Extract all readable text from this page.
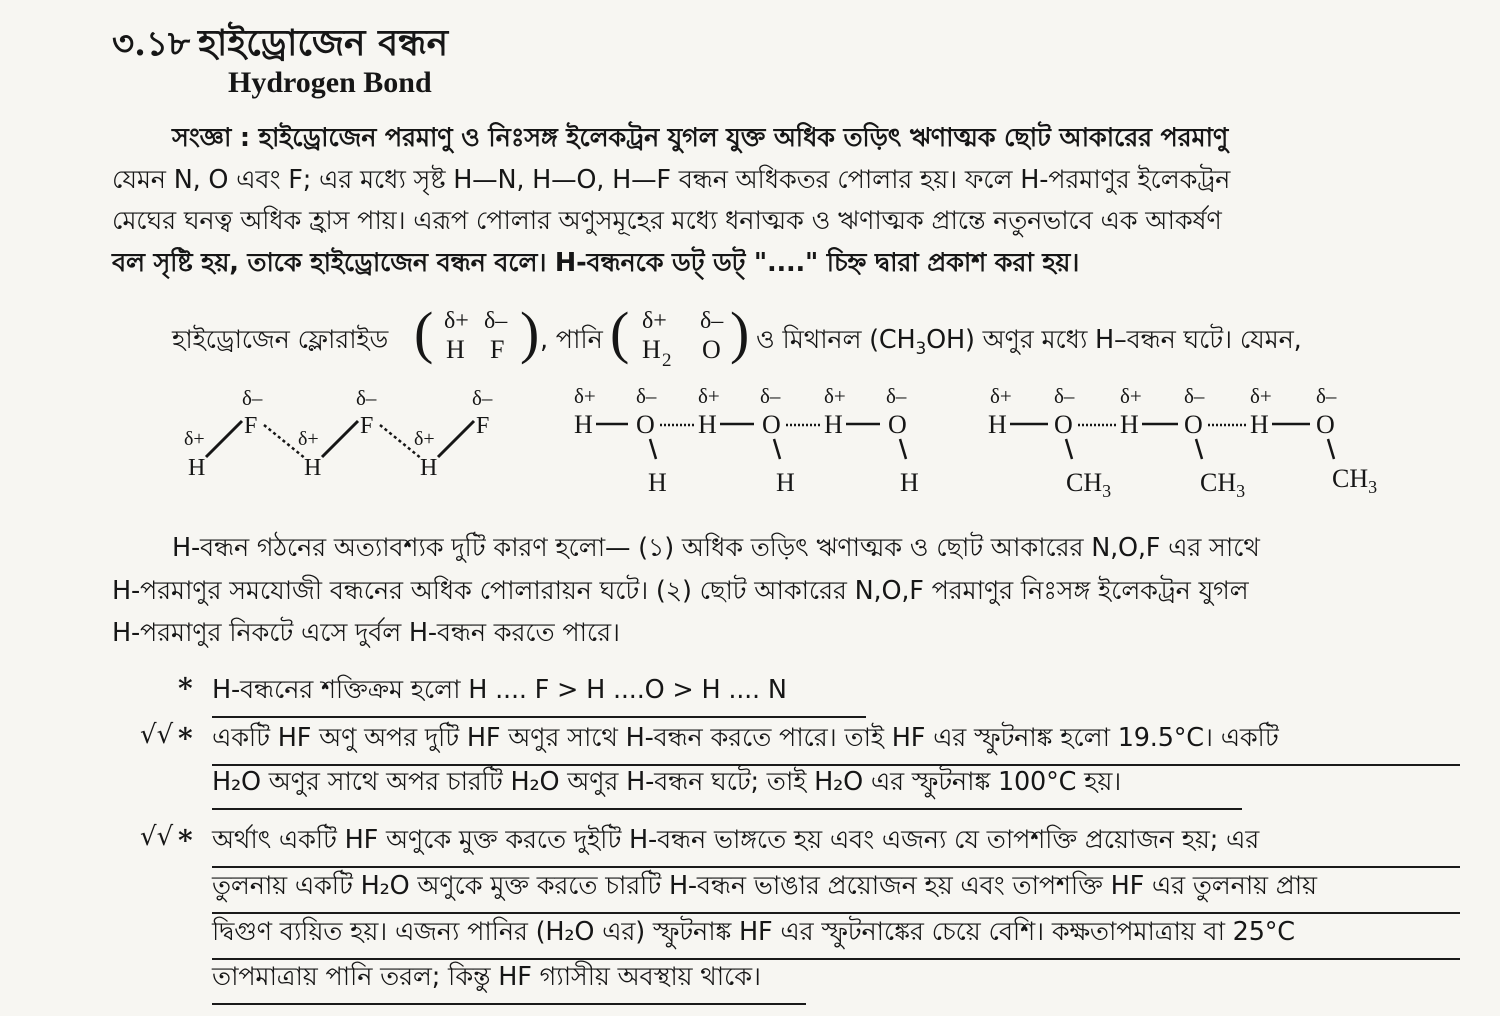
৩.১৮ হাইড্রোজেন বন্ধন
Hydrogen Bond
সংজ্ঞা : হাইড্রোজেন পরমাণু ও নিঃসঙ্গ ইলেকট্রন যুগল যুক্ত অধিক তড়িৎ ঋণাত্মক ছোট আকারের পরমাণু
যেমন N, O এবং F; এর মধ্যে সৃষ্ট H—N, H—O, H—F বন্ধন অধিকতর পোলার হয়। ফলে H-পরমাণুর ইলেকট্রন
মেঘের ঘনত্ব অধিক হ্রাস পায়। এরূপ পোলার অণুসমূহের মধ্যে ধনাত্মক ও ঋণাত্মক প্রান্তে নতুনভাবে এক আকর্ষণ
বল সৃষ্টি হয়, তাকে হাইড্রোজেন বন্ধন বলে। H-বন্ধনকে ডট্ ডট্ "...." চিহ্ন দ্বারা প্রকাশ করা হয়।
হাইড্রোজেন ফ্লোরাইড ( δ+ δ–
H F ) , পানি ( δ+ δ–
H 2 O ) ও মিথানল $(CH_3OH)$ অণুর মধ্যে H–বন্ধন ঘটে। যেমন,
δ–	δ–	δ–
δ+	δ+	δ+
F	F	F
H	H	H
δ+ δ– δ+ δ– δ+ δ–
H O H O H O
H	H	H
δ+ δ– δ+ δ– δ+ δ–
H O H O H O
$CH_3$	$CH_3$	$CH_3$
H-বন্ধন গঠনের অত্যাবশ্যক দুটি কারণ হলো— (১) অধিক তড়িৎ ঋণাত্মক ও ছোট আকারের N,O,F এর সাথে
H-পরমাণুর সমযোজী বন্ধনের অধিক পোলারায়ন ঘটে। (২) ছোট আকারের N,O,F পরমাণুর নিঃসঙ্গ ইলেকট্রন যুগল
H-পরমাণুর নিকটে এসে দুর্বল H-বন্ধন করতে পারে।
* H-বন্ধনের শক্তিক্রম হলো H .... F > H ....O > H .... N
√√ * একটি HF অণু অপর দুটি HF অণুর সাথে H-বন্ধন করতে পারে। তাই HF এর স্ফুটনাঙ্ক হলো 19.5°C। একটি
H₂O অণুর সাথে অপর চারটি H₂O অণুর H-বন্ধন ঘটে; তাই H₂O এর স্ফুটনাঙ্ক 100°C হয়।
√√ * অর্থাৎ একটি HF অণুকে মুক্ত করতে দুইটি H-বন্ধন ভাঙ্গতে হয় এবং এজন্য যে তাপশক্তি প্রয়োজন হয়; এর
তুলনায় একটি H₂O অণুকে মুক্ত করতে চারটি H-বন্ধন ভাঙার প্রয়োজন হয় এবং তাপশক্তি HF এর তুলনায় প্রায়
দ্বিগুণ ব্যয়িত হয়। এজন্য পানির (H₂O এর) স্ফুটনাঙ্ক HF এর স্ফুটনাঙ্কের চেয়ে বেশি। কক্ষতাপমাত্রায় বা 25°C
তাপমাত্রায় পানি তরল; কিন্তু HF গ্যাসীয় অবস্থায় থাকে।
